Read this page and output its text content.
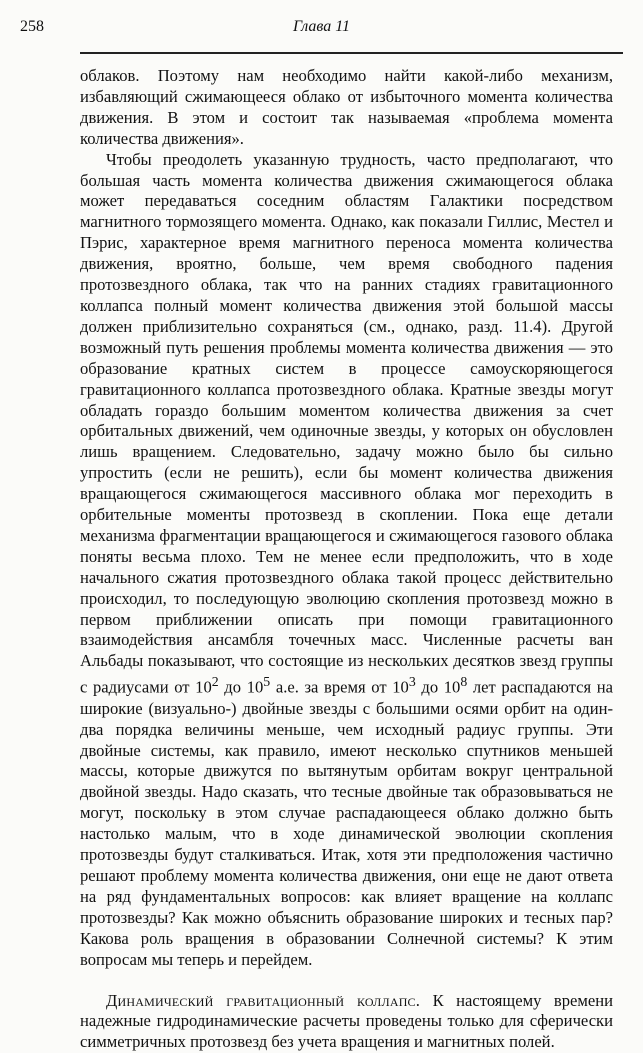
258	Глава 11

облаков. Поэтому нам необходимо найти какой-либо механизм, избавляющий сжимающееся облако от избыточного момента количества движения. В этом и состоит так называемая «проблема момента количества движения».

Чтобы преодолеть указанную трудность, часто предполагают, что большая часть момента количества движения сжимающегося облака может передаваться соседним областям Галактики посредством магнитного тормозящего момента. Однако, как показали Гиллис, Местел и Пэрис, характерное время магнитного переноса момента количества движения, вроятно, больше, чем время свободного падения протозвездного облака, так что на ранних стадиях гравитационного коллапса полный момент количества движения этой большой массы должен приблизительно сохраняться (см., однако, разд. 11.4). Другой возможный путь решения проблемы момента количества движения — это образование кратных систем в процессе самоускоряющегося гравитационного коллапса протозвездного облака. Кратные звезды могут обладать гораздо большим моментом количества движения за счет орбитальных движений, чем одиночные звезды, у которых он обусловлен лишь вращением. Следовательно, задачу можно было бы сильно упростить (если не решить), если бы момент количества движения вращающегося сжимающегося массивного облака мог переходить в орбительные моменты протозвезд в скоплении. Пока еще детали механизма фрагментации вращающегося и сжимающегося газового облака поняты весьма плохо. Тем не менее если предположить, что в ходе начального сжатия протозвездного облака такой процесс действительно происходил, то последующую эволюцию скопления протозвезд можно в первом приближении описать при помощи гравитационного взаимодействия ансамбля точечных масс. Численные расчеты ван Альбады показывают, что состоящие из нескольких десятков звезд группы с радиусами от $10^2$ до $10^5$ а.е. за время от $10^3$ до $10^8$ лет распадаются на широкие (визуально-) двойные звезды с большими осями орбит на один-два порядка величины меньше, чем исходный радиус группы. Эти двойные системы, как правило, имеют несколько спутников меньшей массы, которые движутся по вытянутым орбитам вокруг центральной двойной звезды. Надо сказать, что тесные двойные так образовываться не могут, поскольку в этом случае распадающееся облако должно быть настолько малым, что в ходе динамической эволюции скопления протозвезды будут сталкиваться. Итак, хотя эти предположения частично решают проблему момента количества движения, они еще не дают ответа на ряд фундаментальных вопросов: как влияет вращение на коллапс протозвезды? Как можно объяснить образование широких и тесных пар? Какова роль вращения в образовании Солнечной системы? К этим вопросам мы теперь и перейдем.

Динамический гравитационный коллапс. К настоящему времени надежные гидродинамические расчеты проведены только для сферически симметричных протозвезд без учета вращения и магнитных полей.
